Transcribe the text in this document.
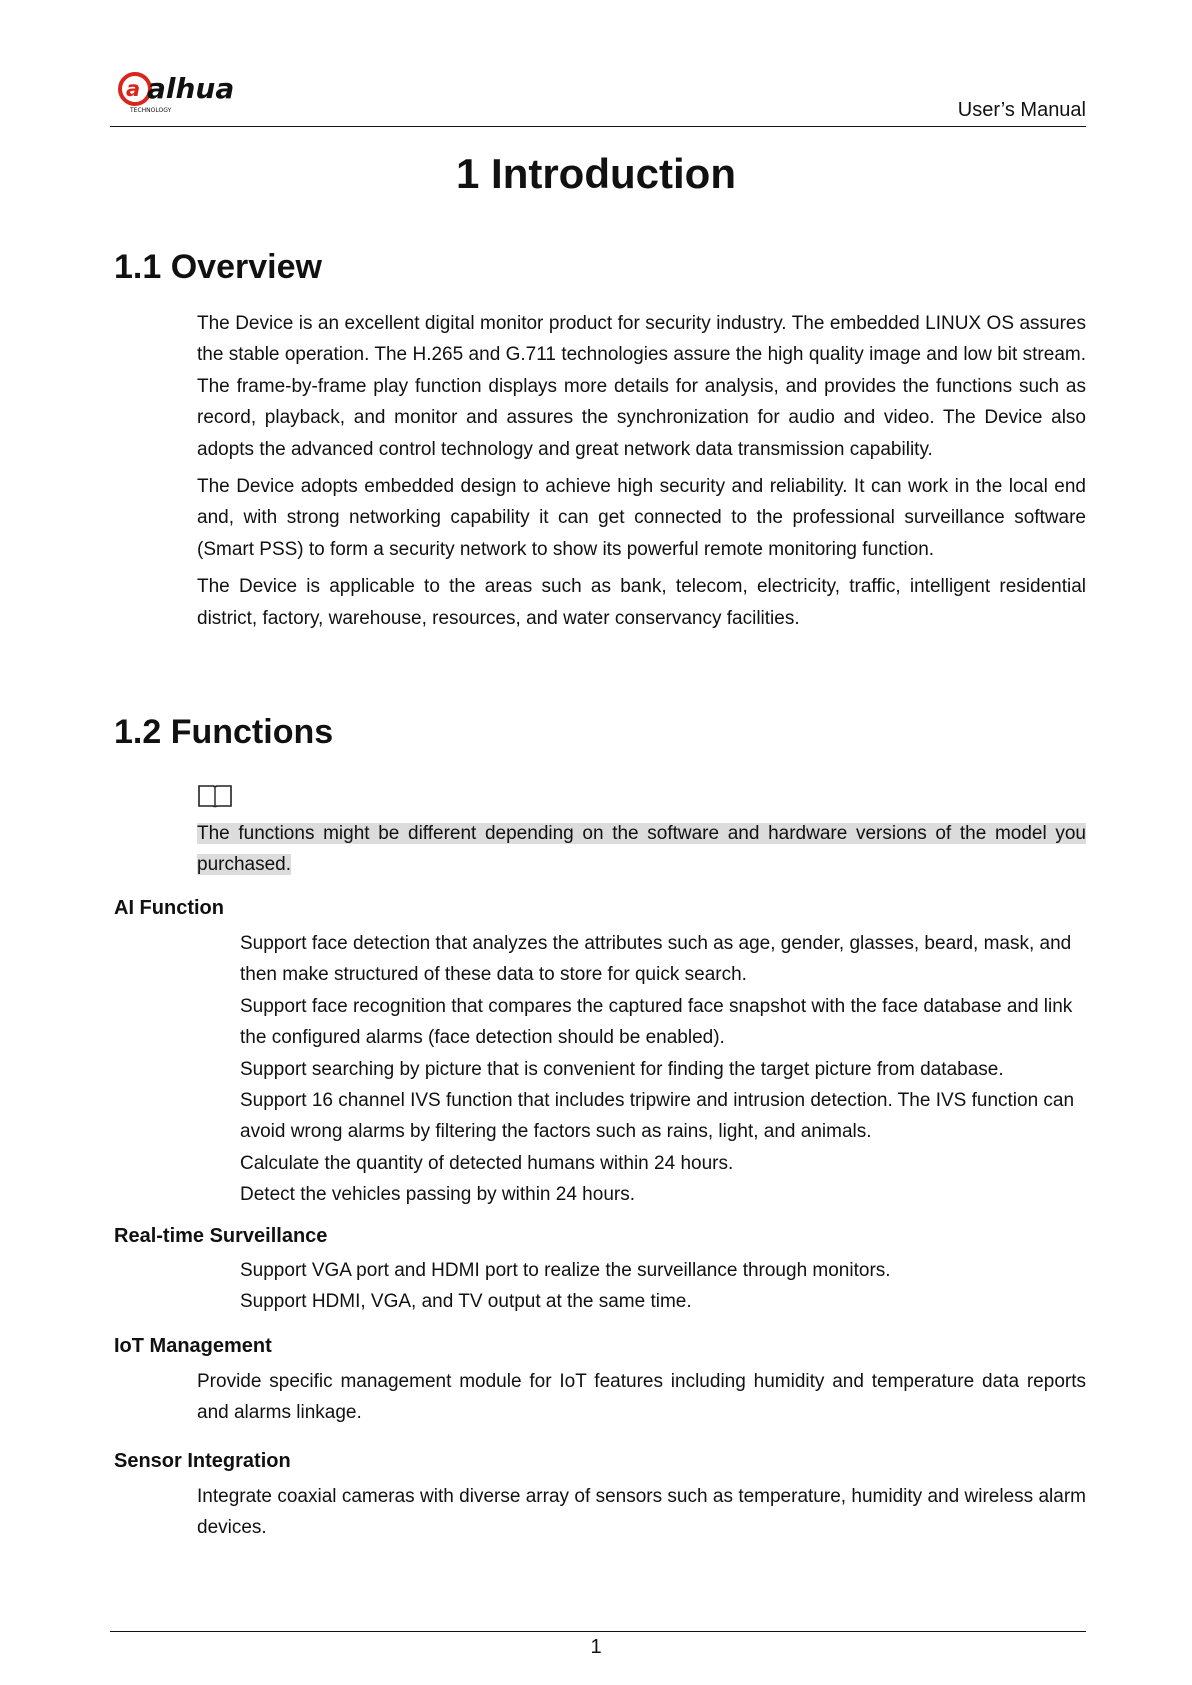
a alhua
TECHNOLOGY	User’s Manual
1 Introduction
1.1 Overview

The Device is an excellent digital monitor product for security industry. The embedded LINUX OS assures the stable operation. The H.265 and G.711 technologies assure the high quality image and low bit stream. The frame-by-frame play function displays more details for analysis, and provides the functions such as record, playback, and monitor and assures the synchronization for audio and video. The Device also adopts the advanced control technology and great network data transmission capability.

The Device adopts embedded design to achieve high security and reliability. It can work in the local end and, with strong networking capability it can get connected to the professional surveillance software (Smart PSS) to form a security network to show its powerful remote monitoring function.

The Device is applicable to the areas such as bank, telecom, electricity, traffic, intelligent residential district, factory, warehouse, resources, and water conservancy facilities.

1.2 Functions

The functions might be different depending on the software and hardware versions of the model you purchased.

AI Function
Support face detection that analyzes the attributes such as age, gender, glasses, beard, mask, and then make structured of these data to store for quick search.
Support face recognition that compares the captured face snapshot with the face database and link the configured alarms (face detection should be enabled).
Support searching by picture that is convenient for finding the target picture from database.
Support 16 channel IVS function that includes tripwire and intrusion detection. The IVS function can avoid wrong alarms by filtering the factors such as rains, light, and animals.
Calculate the quantity of detected humans within 24 hours.
Detect the vehicles passing by within 24 hours.
Real-time Surveillance
Support VGA port and HDMI port to realize the surveillance through monitors.
Support HDMI, VGA, and TV output at the same time.
IoT Management

Provide specific management module for IoT features including humidity and temperature data reports and alarms linkage.

Sensor Integration

Integrate coaxial cameras with diverse array of sensors such as temperature, humidity and wireless alarm devices.

1
